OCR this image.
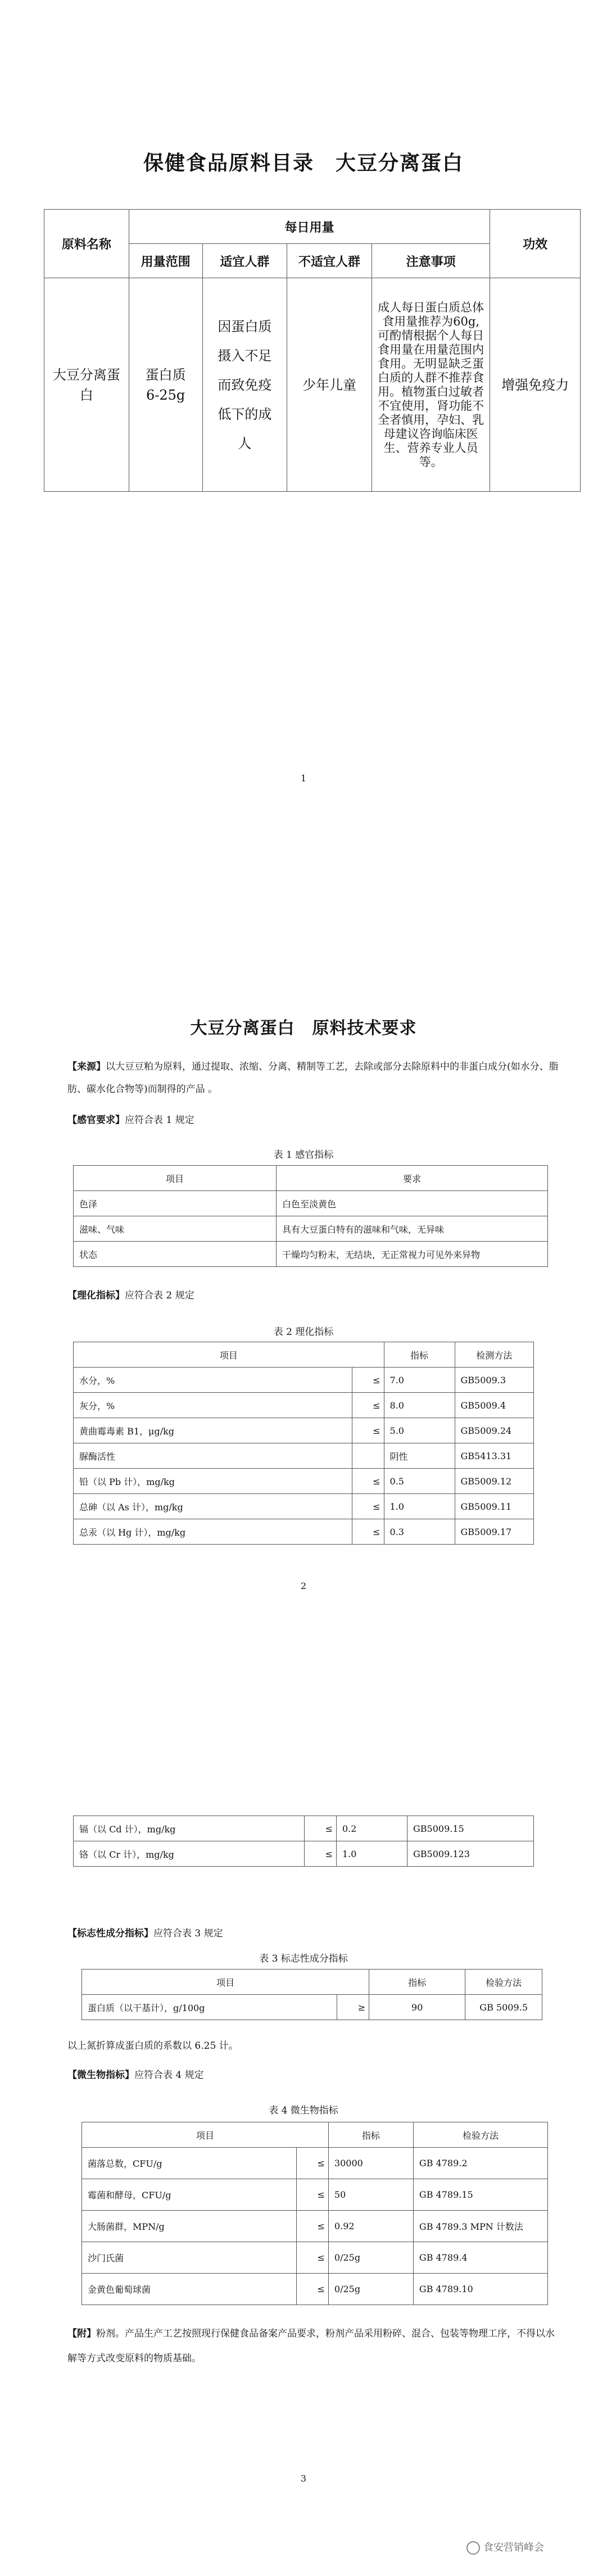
保健食品原料目录　大豆分离蛋白
原料名称	每日用量				功效
	用量范围	适宜人群	不适宜人群	注意事项	
大豆分离蛋白	蛋白质6-25g	因蛋白质摄入不足而致免疫低下的成人	少年儿童	成人每日蛋白质总体食用量推荐为60g,可酌情根据个人每日食用量在用量范围内食用。无明显缺乏蛋白质的人群不推荐食用。植物蛋白过敏者不宜使用，肾功能不全者慎用，孕妇、乳母建议咨询临床医生、营养专业人员等。	增强免疫力
1
大豆分离蛋白　原料技术要求
【来源】以大豆豆粕为原料，通过提取、浓缩、分离、精制等工艺，去除或部分去除原料中的非蛋白成分(如水分、脂肪、碳水化合物等)而制得的产品 。
【感官要求】应符合表 1 规定
表 1 感官指标
项目	要求
色泽	白色至淡黄色
滋味、气味	具有大豆蛋白特有的滋味和气味，无异味
状态	干燥均匀粉末，无结块，无正常视力可见外来异物
【理化指标】应符合表 2 规定
表 2 理化指标
项目		指标	检测方法
水分，%	≤	7.0	GB5009.3
灰分，%	≤	8.0	GB5009.4
黄曲霉毒素 B1，μg/kg	≤	5.0	GB5009.24
脲酶活性		阴性	GB5413.31
铅（以 Pb 计），mg/kg	≤	0.5	GB5009.12
总砷（以 As 计），mg/kg	≤	1.0	GB5009.11
总汞（以 Hg 计），mg/kg	≤	0.3	GB5009.17
2
镉（以 Cd 计），mg/kg	≤	0.2	GB5009.15
铬（以 Cr 计），mg/kg	≤	1.0	GB5009.123
【标志性成分指标】应符合表 3 规定
表 3 标志性成分指标
项目		指标	检验方法
蛋白质（以干基计），g/100g	≥	90	GB 5009.5
以上氮折算成蛋白质的系数以 6.25 计。
【微生物指标】应符合表 4 规定
表 4 微生物指标
项目		指标	检验方法
菌落总数，CFU/g	≤	30000	GB 4789.2
霉菌和酵母，CFU/g	≤	50	GB 4789.15
大肠菌群，MPN/g	≤	0.92	GB 4789.3 MPN 计数法
沙门氏菌	≤	0/25g	GB 4789.4
金黄色葡萄球菌	≤	0/25g	GB 4789.10
【附】粉剂。产品生产工艺按照现行保健食品备案产品要求，粉剂产品采用粉碎、混合、包装等物理工序，不得以水解等方式改变原料的物质基础。
3
食安营销峰会
